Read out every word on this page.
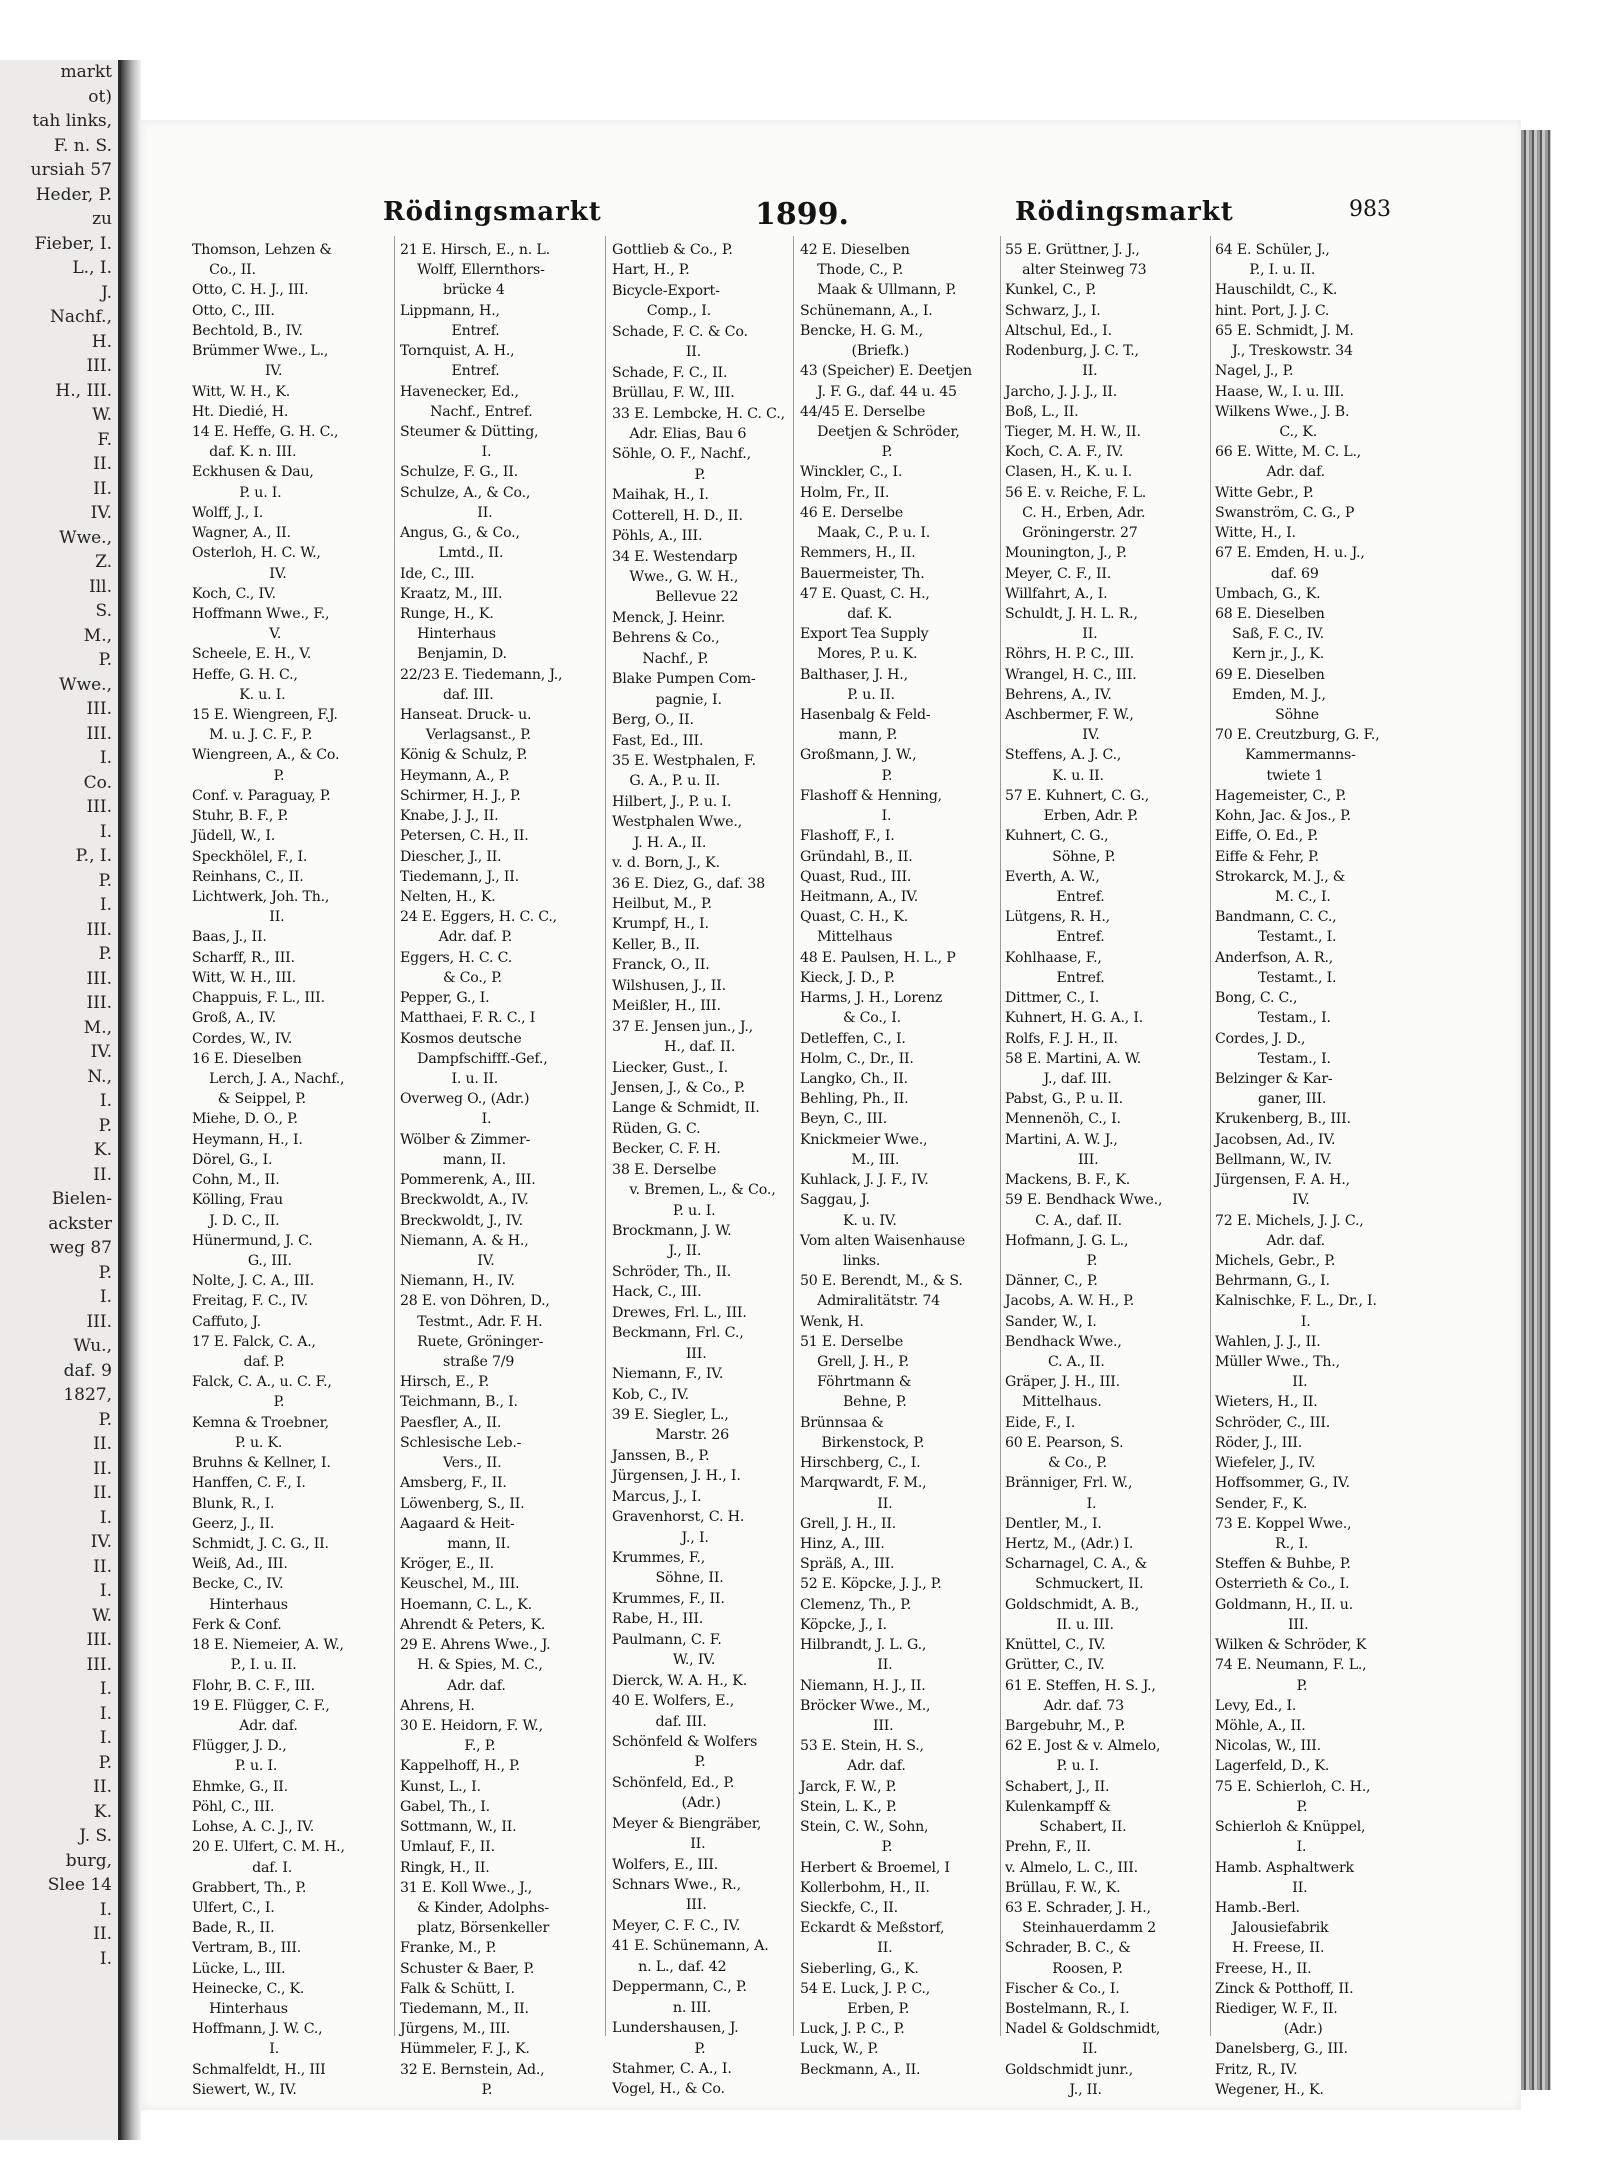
markt
ot)
tah links,
F. n. S.
ursiah 57
Heder, P.
zu
Fieber, I.
L., I.
J.
Nachf.,
H.
III.
H., III.
W.
F.
II.
II.
IV.
Wwe.,
Z.
Ill.
S.
M.,
P.
Wwe.,
III.
III.
I.
Co.
III.
I.
P., I.
P.
I.
III.
P.
III.
III.
M.,
IV.
N.,
I.
P.
K.
II.
Bielen-
ackster
weg 87
P.
I.
III.
Wu.,
daf. 9
1827,
P.
II.
II.
II.
I.
IV.
II.
I.
W.
III.
III.
I.
I.
I.
P.
II.
K.
J. S.
burg,
Slee 14
I.
II.
I.
Rödingsmarkt	1899.	Rödingsmarkt	983
Thomson, Lehzen &
Co., II.
Otto, C. H. J., III.
Otto, C., III.
Bechtold, B., IV.
Brümmer Wwe., L.,
IV.
Witt, W. H., K.
Ht. Diedié, H.
14 E. Heffe, G. H. C.,
daf. K. n. III.
Eckhusen & Dau,
P. u. I.
Wolff, J., I.
Wagner, A., II.
Osterloh, H. C. W.,
IV.
Koch, C., IV.
Hoffmann Wwe., F.,
V.
Scheele, E. H., V.
Heffe, G. H. C.,
K. u. I.
15 E. Wiengreen, F.J.
M. u. J. C. F., P.
Wiengreen, A., & Co.
P.
Conf. v. Paraguay, P.
Stuhr, B. F., P.
Jüdell, W., I.
Speckhölel, F., I.
Reinhans, C., II.
Lichtwerk, Joh. Th.,
II.
Baas, J., II.
Scharff, R., III.
Witt, W. H., III.
Chappuis, F. L., III.
Groß, A., IV.
Cordes, W., IV.
16 E. Dieselben
Lerch, J. A., Nachf.,
& Seippel, P.
Miehe, D. O., P.
Heymann, H., I.
Dörel, G., I.
Cohn, M., II.
Kölling, Frau
J. D. C., II.
Hünermund, J. C.
G., III.
Nolte, J. C. A., III.
Freitag, F. C., IV.
Caffuto, J.
17 E. Falck, C. A.,
daf. P.
Falck, C. A., u. C. F.,
P.
Kemna & Troebner,
P. u. K.
Bruhns & Kellner, I.
Hanffen, C. F., I.
Blunk, R., I.
Geerz, J., II.
Schmidt, J. C. G., II.
Weiß, Ad., III.
Becke, C., IV.
Hinterhaus
Ferk & Conf.
18 E. Niemeier, A. W.,
P., I. u. II.
Flohr, B. C. F., III.
19 E. Flügger, C. F.,
Adr. daf.
Flügger, J. D.,
P. u. I.
Ehmke, G., II.
Pöhl, C., III.
Lohse, A. C. J., IV.
20 E. Ulfert, C. M. H.,
daf. I.
Grabbert, Th., P.
Ulfert, C., I.
Bade, R., II.
Vertram, B., III.
Lücke, L., III.
Heinecke, C., K.
Hinterhaus
Hoffmann, J. W. C.,
I.
Schmalfeldt, H., III
Siewert, W., IV.
21 E. Hirsch, E., n. L.
Wolff, Ellernthors-
brücke 4
Lippmann, H.,
Entref.
Tornquist, A. H.,
Entref.
Havenecker, Ed.,
Nachf., Entref.
Steumer & Dütting,
I.
Schulze, F. G., II.
Schulze, A., & Co.,
II.
Angus, G., & Co.,
Lmtd., II.
Ide, C., III.
Kraatz, M., III.
Runge, H., K.
Hinterhaus
Benjamin, D.
22/23 E. Tiedemann, J.,
daf. III.
Hanseat. Druck- u.
Verlagsanst., P.
König & Schulz, P.
Heymann, A., P.
Schirmer, H. J., P.
Knabe, J. J., II.
Petersen, C. H., II.
Diescher, J., II.
Tiedemann, J., II.
Nelten, H., K.
24 E. Eggers, H. C. C.,
Adr. daf. P.
Eggers, H. C. C.
& Co., P.
Pepper, G., I.
Matthaei, F. R. C., I
Kosmos deutsche
Dampfschifff.-Gef.,
I. u. II.
Overweg O., (Adr.)
I.
Wölber & Zimmer-
mann, II.
Pommerenk, A., III.
Breckwoldt, A., IV.
Breckwoldt, J., IV.
Niemann, A. & H.,
IV.
Niemann, H., IV.
28 E. von Döhren, D.,
Testmt., Adr. F. H.
Ruete, Gröninger-
straße 7/9
Hirsch, E., P.
Teichmann, B., I.
Paesfler, A., II.
Schlesische Leb.-
Vers., II.
Amsberg, F., II.
Löwenberg, S., II.
Aagaard & Heit-
mann, II.
Kröger, E., II.
Keuschel, M., III.
Hoemann, C. L., K.
Ahrendt & Peters, K.
29 E. Ahrens Wwe., J.
H. & Spies, M. C.,
Adr. daf.
Ahrens, H.
30 E. Heidorn, F. W.,
F., P.
Kappelhoff, H., P.
Kunst, L., I.
Gabel, Th., I.
Sottmann, W., II.
Umlauf, F., II.
Ringk, H., II.
31 E. Koll Wwe., J.,
& Kinder, Adolphs-
platz, Börsenkeller
Franke, M., P.
Schuster & Baer, P.
Falk & Schütt, I.
Tiedemann, M., II.
Jürgens, M., III.
Hümmeler, F. J., K.
32 E. Bernstein, Ad.,
P.
Gottlieb & Co., P.
Hart, H., P.
Bicycle-Export-
Comp., I.
Schade, F. C. & Co.
II.
Schade, F. C., II.
Brüllau, F. W., III.
33 E. Lembcke, H. C. C.,
Adr. Elias, Bau 6
Söhle, O. F., Nachf.,
P.
Maihak, H., I.
Cotterell, H. D., II.
Pöhls, A., III.
34 E. Westendarp
Wwe., G. W. H.,
Bellevue 22
Menck, J. Heinr.
Behrens & Co.,
Nachf., P.
Blake Pumpen Com-
pagnie, I.
Berg, O., II.
Fast, Ed., III.
35 E. Westphalen, F.
G. A., P. u. II.
Hilbert, J., P. u. I.
Westphalen Wwe.,
J. H. A., II.
v. d. Born, J., K.
36 E. Diez, G., daf. 38
Heilbut, M., P.
Krumpf, H., I.
Keller, B., II.
Franck, O., II.
Wilshusen, J., II.
Meißler, H., III.
37 E. Jensen jun., J.,
H., daf. II.
Liecker, Gust., I.
Jensen, J., & Co., P.
Lange & Schmidt, II.
Rüden, G. C.
Becker, C. F. H.
38 E. Derselbe
v. Bremen, L., & Co.,
P. u. I.
Brockmann, J. W.
J., II.
Schröder, Th., II.
Hack, C., III.
Drewes, Frl. L., III.
Beckmann, Frl. C.,
III.
Niemann, F., IV.
Kob, C., IV.
39 E. Siegler, L.,
Marstr. 26
Janssen, B., P.
Jürgensen, J. H., I.
Marcus, J., I.
Gravenhorst, C. H.
J., I.
Krummes, F.,
Söhne, II.
Krummes, F., II.
Rabe, H., III.
Paulmann, C. F.
W., IV.
Dierck, W. A. H., K.
40 E. Wolfers, E.,
daf. III.
Schönfeld & Wolfers
P.
Schönfeld, Ed., P.
(Adr.)
Meyer & Biengräber,
II.
Wolfers, E., III.
Schnars Wwe., R.,
III.
Meyer, C. F. C., IV.
41 E. Schünemann, A.
n. L., daf. 42
Deppermann, C., P.
n. III.
Lundershausen, J.
P.
Stahmer, C. A., I.
Vogel, H., & Co.
42 E. Dieselben
Thode, C., P.
Maak & Ullmann, P.
Schünemann, A., I.
Bencke, H. G. M.,
(Briefk.)
43 (Speicher) E. Deetjen
J. F. G., daf. 44 u. 45
44/45 E. Derselbe
Deetjen & Schröder,
P.
Winckler, C., I.
Holm, Fr., II.
46 E. Derselbe
Maak, C., P. u. I.
Remmers, H., II.
Bauermeister, Th.
47 E. Quast, C. H.,
daf. K.
Export Tea Supply
Mores, P. u. K.
Balthaser, J. H.,
P. u. II.
Hasenbalg & Feld-
mann, P.
Großmann, J. W.,
P.
Flashoff & Henning,
I.
Flashoff, F., I.
Gründahl, B., II.
Quast, Rud., III.
Heitmann, A., IV.
Quast, C. H., K.
Mittelhaus
48 E. Paulsen, H. L., P
Kieck, J. D., P.
Harms, J. H., Lorenz
& Co., I.
Detleffen, C., I.
Holm, C., Dr., II.
Langko, Ch., II.
Behling, Ph., II.
Beyn, C., III.
Knickmeier Wwe.,
M., III.
Kuhlack, J. J. F., IV.
Saggau, J.
K. u. IV.
Vom alten Waisenhause
links.
50 E. Berendt, M., & S.
Admiralitätstr. 74
Wenk, H.
51 E. Derselbe
Grell, J. H., P.
Föhrtmann &
Behne, P.
Brünnsaa &
Birkenstock, P.
Hirschberg, C., I.
Marqwardt, F. M.,
II.
Grell, J. H., II.
Hinz, A., III.
Spräß, A., III.
52 E. Köpcke, J. J., P.
Clemenz, Th., P.
Köpcke, J., I.
Hilbrandt, J. L. G.,
II.
Niemann, H. J., II.
Bröcker Wwe., M.,
III.
53 E. Stein, H. S.,
Adr. daf.
Jarck, F. W., P.
Stein, L. K., P.
Stein, C. W., Sohn,
P.
Herbert & Broemel, I
Kollerbohm, H., II.
Sieckfe, C., II.
Eckardt & Meßstorf,
II.
Sieberling, G., K.
54 E. Luck, J. P. C.,
Erben, P.
Luck, J. P. C., P.
Luck, W., P.
Beckmann, A., II.
55 E. Grüttner, J. J.,
alter Steinweg 73
Kunkel, C., P.
Schwarz, J., I.
Altschul, Ed., I.
Rodenburg, J. C. T.,
II.
Jarcho, J. J. J., II.
Boß, L., II.
Tieger, M. H. W., II.
Koch, C. A. F., IV.
Clasen, H., K. u. I.
56 E. v. Reiche, F. L.
C. H., Erben, Adr.
Gröningerstr. 27
Mounington, J., P.
Meyer, C. F., II.
Willfahrt, A., I.
Schuldt, J. H. L. R.,
II.
Röhrs, H. P. C., III.
Wrangel, H. C., III.
Behrens, A., IV.
Aschbermer, F. W.,
IV.
Steffens, A. J. C.,
K. u. II.
57 E. Kuhnert, C. G.,
Erben, Adr. P.
Kuhnert, C. G.,
Söhne, P.
Everth, A. W.,
Entref.
Lütgens, R. H.,
Entref.
Kohlhaase, F.,
Entref.
Dittmer, C., I.
Kuhnert, H. G. A., I.
Rolfs, F. J. H., II.
58 E. Martini, A. W.
J., daf. III.
Pabst, G., P. u. II.
Mennenöh, C., I.
Martini, A. W. J.,
III.
Mackens, B. F., K.
59 E. Bendhack Wwe.,
C. A., daf. II.
Hofmann, J. G. L.,
P.
Dänner, C., P.
Jacobs, A. W. H., P.
Sander, W., I.
Bendhack Wwe.,
C. A., II.
Gräper, J. H., III.
Mittelhaus.
Eide, F., I.
60 E. Pearson, S.
& Co., P.
Bränniger, Frl. W.,
I.
Dentler, M., I.
Hertz, M., (Adr.) I.
Scharnagel, C. A., &
Schmuckert, II.
Goldschmidt, A. B.,
II. u. III.
Knüttel, C., IV.
Grütter, C., IV.
61 E. Steffen, H. S. J.,
Adr. daf. 73
Bargebuhr, M., P.
62 E. Jost & v. Almelo,
P. u. I.
Schabert, J., II.
Kulenkampff &
Schabert, II.
Prehn, F., II.
v. Almelo, L. C., III.
Brüllau, F. W., K.
63 E. Schrader, J. H.,
Steinhauerdamm 2
Schrader, B. C., &
Roosen, P.
Fischer & Co., I.
Bostelmann, R., I.
Nadel & Goldschmidt,
II.
Goldschmidt junr.,
J., II.
64 E. Schüler, J.,
P., I. u. II.
Hauschildt, C., K.
hint. Port, J. J. C.
65 E. Schmidt, J. M.
J., Treskowstr. 34
Nagel, J., P.
Haase, W., I. u. III.
Wilkens Wwe., J. B.
C., K.
66 E. Witte, M. C. L.,
Adr. daf.
Witte Gebr., P.
Swanström, C. G., P
Witte, H., I.
67 E. Emden, H. u. J.,
daf. 69
Umbach, G., K.
68 E. Dieselben
Saß, F. C., IV.
Kern jr., J., K.
69 E. Dieselben
Emden, M. J.,
Söhne
70 E. Creutzburg, G. F.,
Kammermanns-
twiete 1
Hagemeister, C., P.
Kohn, Jac. & Jos., P.
Eiffe, O. Ed., P.
Eiffe & Fehr, P.
Strokarck, M. J., &
M. C., I.
Bandmann, C. C.,
Testamt., I.
Anderfson, A. R.,
Testamt., I.
Bong, C. C.,
Testam., I.
Cordes, J. D.,
Testam., I.
Belzinger & Kar-
ganer, III.
Krukenberg, B., III.
Jacobsen, Ad., IV.
Bellmann, W., IV.
Jürgensen, F. A. H.,
IV.
72 E. Michels, J. J. C.,
Adr. daf.
Michels, Gebr., P.
Behrmann, G., I.
Kalnischke, F. L., Dr., I.
I.
Wahlen, J. J., II.
Müller Wwe., Th.,
II.
Wieters, H., II.
Schröder, C., III.
Röder, J., III.
Wiefeler, J., IV.
Hoffsommer, G., IV.
Sender, F., K.
73 E. Koppel Wwe.,
R., I.
Steffen & Buhbe, P.
Osterrieth & Co., I.
Goldmann, H., II. u.
III.
Wilken & Schröder, K
74 E. Neumann, F. L.,
P.
Levy, Ed., I.
Möhle, A., II.
Nicolas, W., III.
Lagerfeld, D., K.
75 E. Schierloh, C. H.,
P.
Schierloh & Knüppel,
I.
Hamb. Asphaltwerk
II.
Hamb.-Berl.
Jalousiefabrik
H. Freese, II.
Freese, H., II.
Zinck & Potthoff, II.
Riediger, W. F., II.
(Adr.)
Danelsberg, G., III.
Fritz, R., IV.
Wegener, H., K.
